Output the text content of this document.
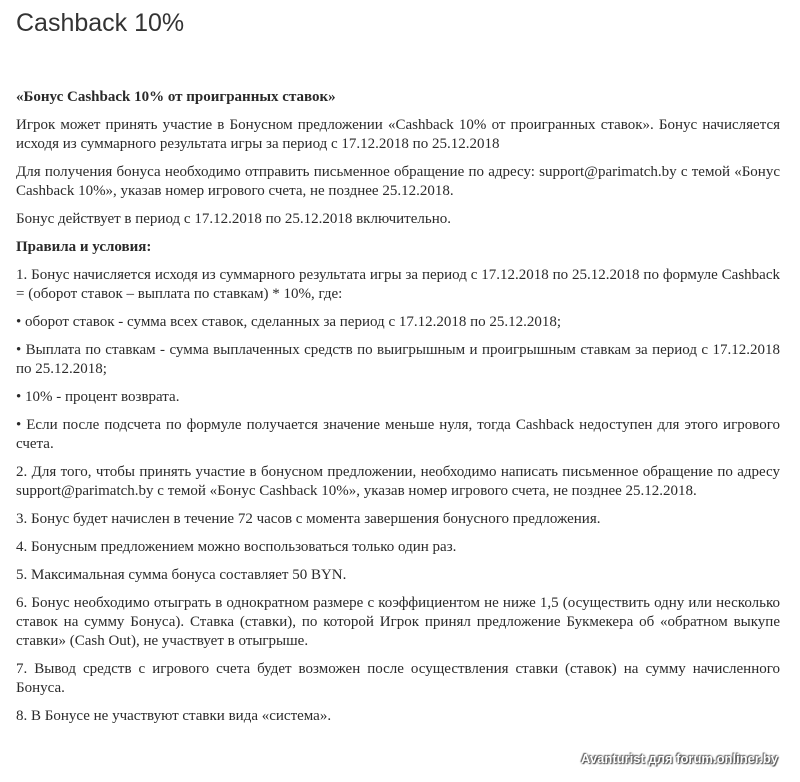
Cashback 10%

«Бонус Cashback 10% от проигранных ставок»

Игрок может принять участие в Бонусном предложении «Cashback 10% от проигранных ставок». Бонус начисляется исходя из суммарного результата игры за период с 17.12.2018 по 25.12.2018

Для получения бонуса необходимо отправить письменное обращение по адресу: support@parimatch.by с темой «Бонус Cashback 10%», указав номер игрового счета, не позднее 25.12.2018.

Бонус действует в период с 17.12.2018 по 25.12.2018 включительно.

Правила и условия:

1. Бонус начисляется исходя из суммарного результата игры за период с 17.12.2018 по 25.12.2018 по формуле Cashback = (оборот ставок – выплата по ставкам) * 10%, где:

• оборот ставок - сумма всех ставок, сделанных за период с 17.12.2018 по 25.12.2018;

• Выплата по ставкам - сумма выплаченных средств по выигрышным и проигрышным ставкам за период с 17.12.2018 по 25.12.2018;

• 10% - процент возврата.

• Если после подсчета по формуле получается значение меньше нуля, тогда Cashback недоступен для этого игрового счета.

2. Для того, чтобы принять участие в бонусном предложении, необходимо написать письменное обращение по адресу support@parimatch.by с темой «Бонус Cashback 10%», указав номер игрового счета, не позднее 25.12.2018.

3. Бонус будет начислен в течение 72 часов с момента завершения бонусного предложения.

4. Бонусным предложением можно воспользоваться только один раз.

5. Максимальная сумма бонуса составляет 50 BYN.

6. Бонус необходимо отыграть в однократном размере с коэффициентом не ниже 1,5 (осуществить одну или несколько ставок на сумму Бонуса). Ставка (ставки), по которой Игрок принял предложение Букмекера об «обратном выкупе ставки» (Cash Out), не участвует в отыгрыше.

7. Вывод средств с игрового счета будет возможен после осуществления ставки (ставок) на сумму начисленного Бонуса.

8. В Бонусе не участвуют ставки вида «система».

Avanturist для forum.onliner.by
